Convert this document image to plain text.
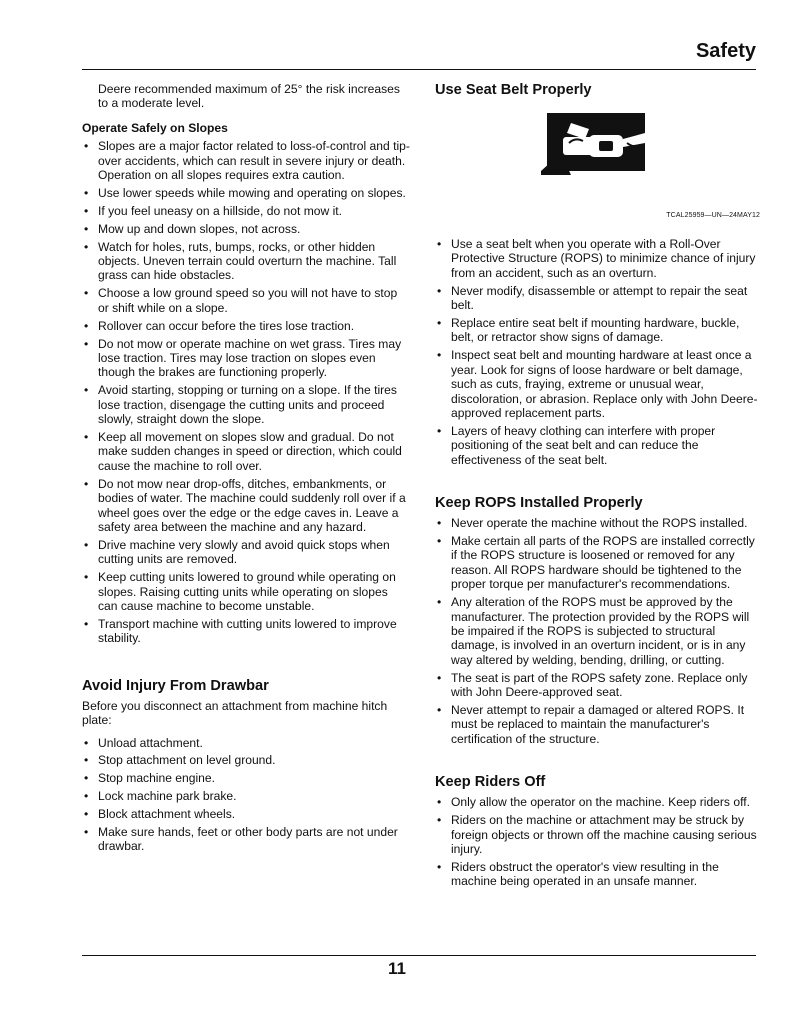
Safety

Deere recommended maximum of 25° the risk increases to a moderate level.

Operate Safely on Slopes

• Slopes are a major factor related to loss-of-control and tip-over accidents, which can result in severe injury or death. Operation on all slopes requires extra caution.
• Use lower speeds while mowing and operating on slopes.
• If you feel uneasy on a hillside, do not mow it.
• Mow up and down slopes, not across.
• Watch for holes, ruts, bumps, rocks, or other hidden objects. Uneven terrain could overturn the machine. Tall grass can hide obstacles.
• Choose a low ground speed so you will not have to stop or shift while on a slope.
• Rollover can occur before the tires lose traction.
• Do not mow or operate machine on wet grass. Tires may lose traction. Tires may lose traction on slopes even though the brakes are functioning properly.
• Avoid starting, stopping or turning on a slope. If the tires lose traction, disengage the cutting units and proceed slowly, straight down the slope.
• Keep all movement on slopes slow and gradual. Do not make sudden changes in speed or direction, which could cause the machine to roll over.
• Do not mow near drop-offs, ditches, embankments, or bodies of water. The machine could suddenly roll over if a wheel goes over the edge or the edge caves in. Leave a safety area between the machine and any hazard.
• Drive machine very slowly and avoid quick stops when cutting units are removed.
• Keep cutting units lowered to ground while operating on slopes. Raising cutting units while operating on slopes can cause machine to become unstable.
• Transport machine with cutting units lowered to improve stability.
Avoid Injury From Drawbar

Before you disconnect an attachment from machine hitch plate:

• Unload attachment.
• Stop attachment on level ground.
• Stop machine engine.
• Lock machine park brake.
• Block attachment wheels.
• Make sure hands, feet or other body parts are not under drawbar.
Use Seat Belt Properly
TCAL25959—UN—24MAY12
• Use a seat belt when you operate with a Roll-Over Protective Structure (ROPS) to minimize chance of injury from an accident, such as an overturn.
• Never modify, disassemble or attempt to repair the seat belt.
• Replace entire seat belt if mounting hardware, buckle, belt, or retractor show signs of damage.
• Inspect seat belt and mounting hardware at least once a year. Look for signs of loose hardware or belt damage, such as cuts, fraying, extreme or unusual wear, discoloration, or abrasion. Replace only with John Deere-approved replacement parts.
• Layers of heavy clothing can interfere with proper positioning of the seat belt and can reduce the effectiveness of the seat belt.
Keep ROPS Installed Properly
• Never operate the machine without the ROPS installed.
• Make certain all parts of the ROPS are installed correctly if the ROPS structure is loosened or removed for any reason. All ROPS hardware should be tightened to the proper torque per manufacturer's recommendations.
• Any alteration of the ROPS must be approved by the manufacturer. The protection provided by the ROPS will be impaired if the ROPS is subjected to structural damage, is involved in an overturn incident, or is in any way altered by welding, bending, drilling, or cutting.
• The seat is part of the ROPS safety zone. Replace only with John Deere-approved seat.
• Never attempt to repair a damaged or altered ROPS. It must be replaced to maintain the manufacturer's certification of the structure.
Keep Riders Off
• Only allow the operator on the machine. Keep riders off.
• Riders on the machine or attachment may be struck by foreign objects or thrown off the machine causing serious injury.
• Riders obstruct the operator's view resulting in the machine being operated in an unsafe manner.
11
